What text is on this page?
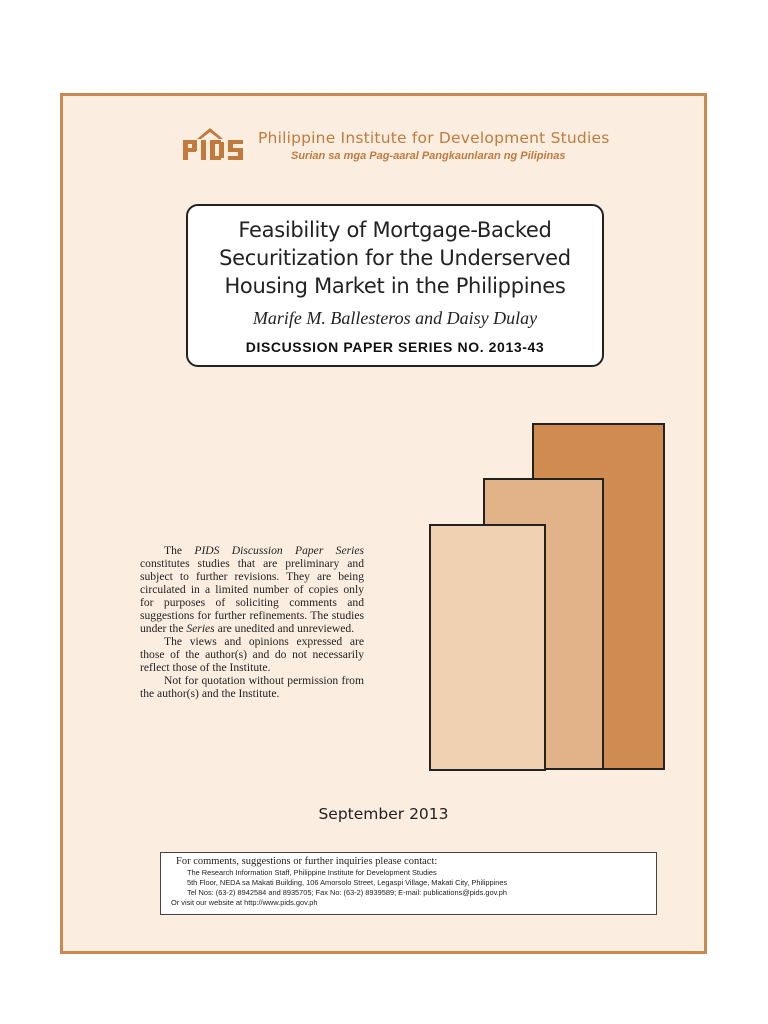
PIDS
Philippine Institute for Development Studies
Surian sa mga Pag-aaral Pangkaunlaran ng Pilipinas
Feasibility of Mortgage-Backed
Securitization for the Underserved
Housing Market in the Philippines
Marife M. Ballesteros and Daisy Dulay
DISCUSSION PAPER SERIES NO. 2013-43

The PIDS Discussion Paper Series constitutes studies that are preliminary and subject to further revisions. They are being circulated in a limited number of copies only for purposes of soliciting comments and suggestions for further refinements. The studies under the Series are unedited and unreviewed.

The views and opinions expressed are those of the author(s) and do not necessarily reflect those of the Institute.

Not for quotation without permission from the author(s) and the Institute.

September 2013
For comments, suggestions or further inquiries please contact:
The Research Information Staff, Philippine Institute for Development Studies
5th Floor, NEDA sa Makati Building, 106 Amorsolo Street, Legaspi Village, Makati City, Philippines
Tel Nos: (63-2) 8942584 and 8935705; Fax No: (63-2) 8939589; E-mail: publications@pids.gov.ph
Or visit our website at http://www.pids.gov.ph
